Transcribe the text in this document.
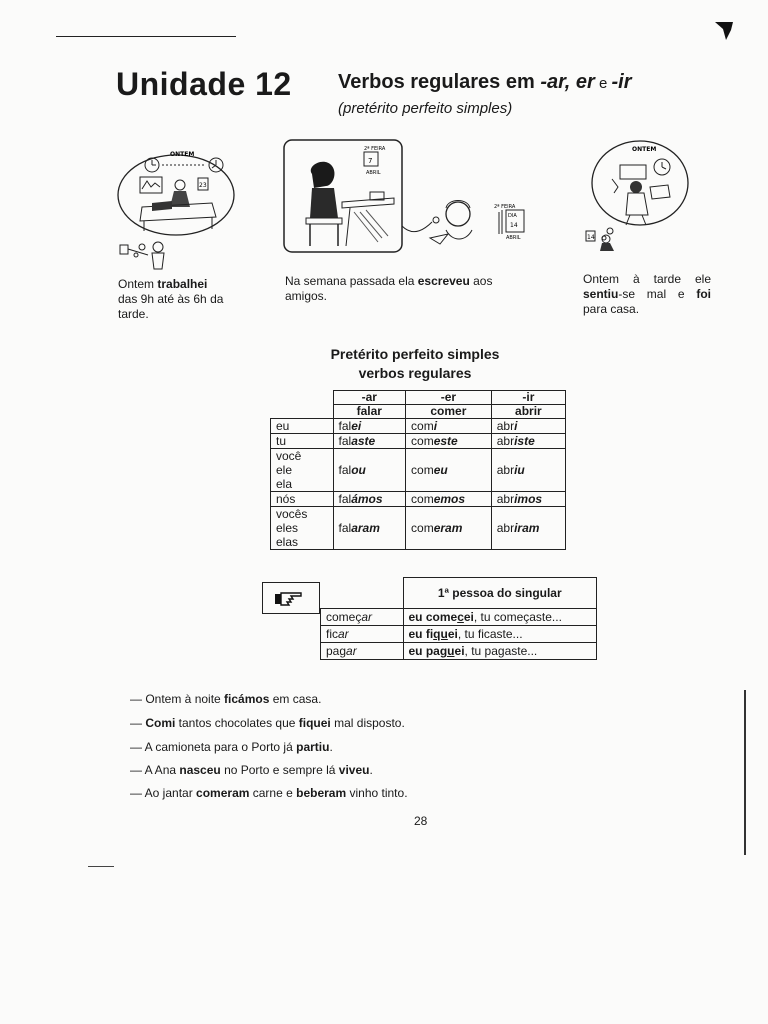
Unidade 12 Verbos regulares em -ar, er e -ir
(pretérito perfeito simples)
ONTEM
23
2ª FEIRA
7
ABRIL
2ª FEIRA
DIA
14
ABRIL
ONTEM
14
Ontem trabalhei
das 9h até às 6h da tarde.
Na semana passada ela escreveu aos amigos.
Ontem à tarde ele sentiu-se mal e foi para casa.
Pretérito perfeito simples
verbos regulares
	-ar	-er	-ir
	falar	comer	abrir
eu	falei	comi	abri
tu	falaste	comeste	abriste
você
ele
ela	falou	comeu	abriu
nós	falámos	comemos	abrimos
vocês
eles
elas	falaram	comeram	abriram
	1ª pessoa do singular
começar	eu comecei, tu começaste...
ficar	eu fiquei, tu ficaste...
pagar	eu paguei, tu pagaste...
— Ontem à noite ficámos em casa.
— Comi tantos chocolates que fiquei mal disposto.
— A camioneta para o Porto já partiu.
— A Ana nasceu no Porto e sempre lá viveu.
— Ao jantar comeram carne e beberam vinho tinto.
28
